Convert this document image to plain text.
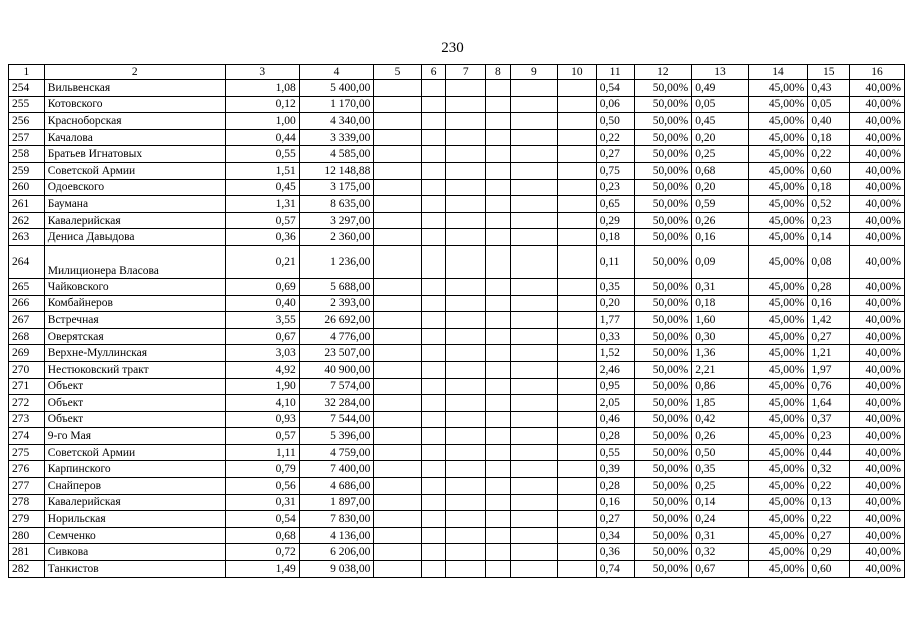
230
1	2	3	4	5	6	7	8	9	10	11	12	13	14	15	16
254	Вильвенская	1,08	5 400,00							0,54	50,00%	0,49	45,00%	0,43	40,00%
255	Котовского	0,12	1 170,00							0,06	50,00%	0,05	45,00%	0,05	40,00%
256	Красноборская	1,00	4 340,00							0,50	50,00%	0,45	45,00%	0,40	40,00%
257	Качалова	0,44	3 339,00							0,22	50,00%	0,20	45,00%	0,18	40,00%
258	Братьев Игнатовых	0,55	4 585,00							0,27	50,00%	0,25	45,00%	0,22	40,00%
259	Советской Армии	1,51	12 148,88							0,75	50,00%	0,68	45,00%	0,60	40,00%
260	Одоевского	0,45	3 175,00							0,23	50,00%	0,20	45,00%	0,18	40,00%
261	Баумана	1,31	8 635,00							0,65	50,00%	0,59	45,00%	0,52	40,00%
262	Кавалерийская	0,57	3 297,00							0,29	50,00%	0,26	45,00%	0,23	40,00%
263	Дениса Давыдова	0,36	2 360,00							0,18	50,00%	0,16	45,00%	0,14	40,00%
264	Милиционера Власова	0,21	1 236,00							0,11	50,00%	0,09	45,00%	0,08	40,00%
265	Чайковского	0,69	5 688,00							0,35	50,00%	0,31	45,00%	0,28	40,00%
266	Комбайнеров	0,40	2 393,00							0,20	50,00%	0,18	45,00%	0,16	40,00%
267	Встречная	3,55	26 692,00							1,77	50,00%	1,60	45,00%	1,42	40,00%
268	Оверятская	0,67	4 776,00							0,33	50,00%	0,30	45,00%	0,27	40,00%
269	Верхне-Муллинская	3,03	23 507,00							1,52	50,00%	1,36	45,00%	1,21	40,00%
270	Нестюковский тракт	4,92	40 900,00							2,46	50,00%	2,21	45,00%	1,97	40,00%
271	Объект	1,90	7 574,00							0,95	50,00%	0,86	45,00%	0,76	40,00%
272	Объект	4,10	32 284,00							2,05	50,00%	1,85	45,00%	1,64	40,00%
273	Объект	0,93	7 544,00							0,46	50,00%	0,42	45,00%	0,37	40,00%
274	9-го Мая	0,57	5 396,00							0,28	50,00%	0,26	45,00%	0,23	40,00%
275	Советской Армии	1,11	4 759,00							0,55	50,00%	0,50	45,00%	0,44	40,00%
276	Карпинского	0,79	7 400,00							0,39	50,00%	0,35	45,00%	0,32	40,00%
277	Снайперов	0,56	4 686,00							0,28	50,00%	0,25	45,00%	0,22	40,00%
278	Кавалерийская	0,31	1 897,00							0,16	50,00%	0,14	45,00%	0,13	40,00%
279	Норильская	0,54	7 830,00							0,27	50,00%	0,24	45,00%	0,22	40,00%
280	Семченко	0,68	4 136,00							0,34	50,00%	0,31	45,00%	0,27	40,00%
281	Сивкова	0,72	6 206,00							0,36	50,00%	0,32	45,00%	0,29	40,00%
282	Танкистов	1,49	9 038,00							0,74	50,00%	0,67	45,00%	0,60	40,00%
